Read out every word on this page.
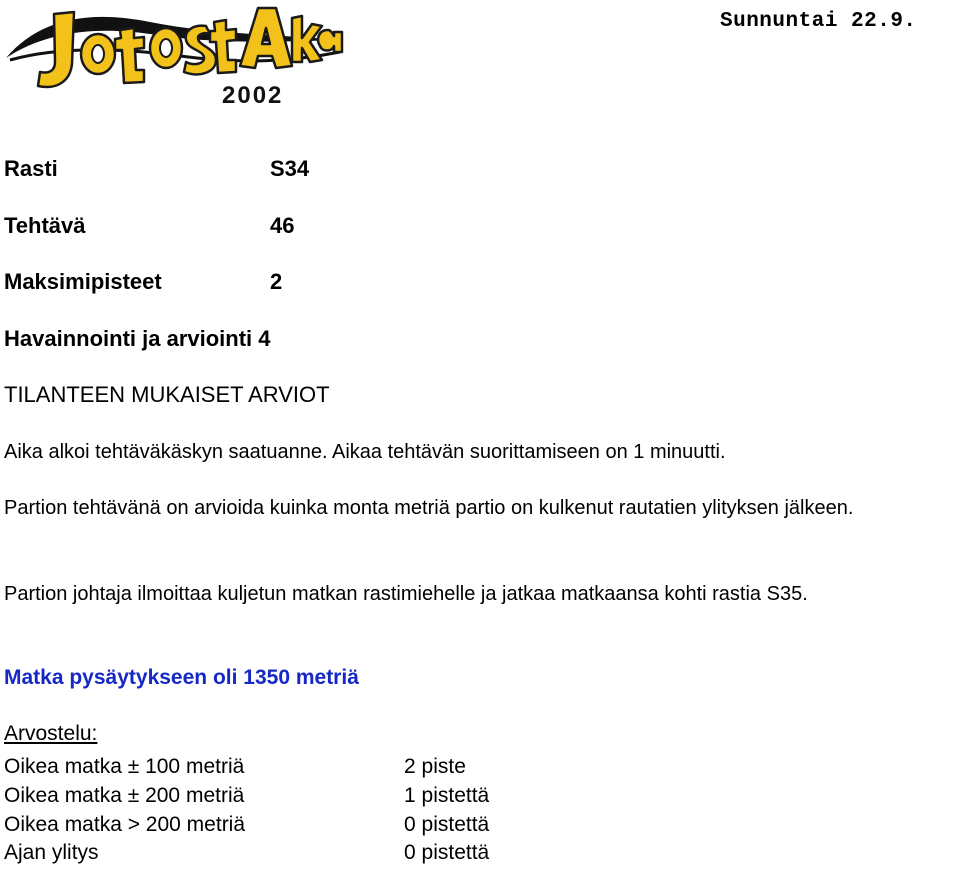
2002
Sunnuntai 22.9.
Rasti	S34
Tehtävä	46
Maksimipisteet	2
Havainnointi ja arviointi 4
TILANTEEN MUKAISET ARVIOT
Aika alkoi tehtäväkäskyn saatuanne. Aikaa tehtävän suorittamiseen on 1 minuutti.
Partion tehtävänä on arvioida kuinka monta metriä partio on kulkenut rautatien ylityksen jälkeen.
Partion johtaja ilmoittaa kuljetun matkan rastimiehelle ja jatkaa matkaansa kohti rastia S35.
Matka pysäytykseen oli 1350 metriä
Arvostelu:
Oikea matka ± 100 metriä	2 piste
Oikea matka ± 200 metriä	1 pistettä
Oikea matka > 200 metriä	0 pistettä
Ajan ylitys	0 pistettä
